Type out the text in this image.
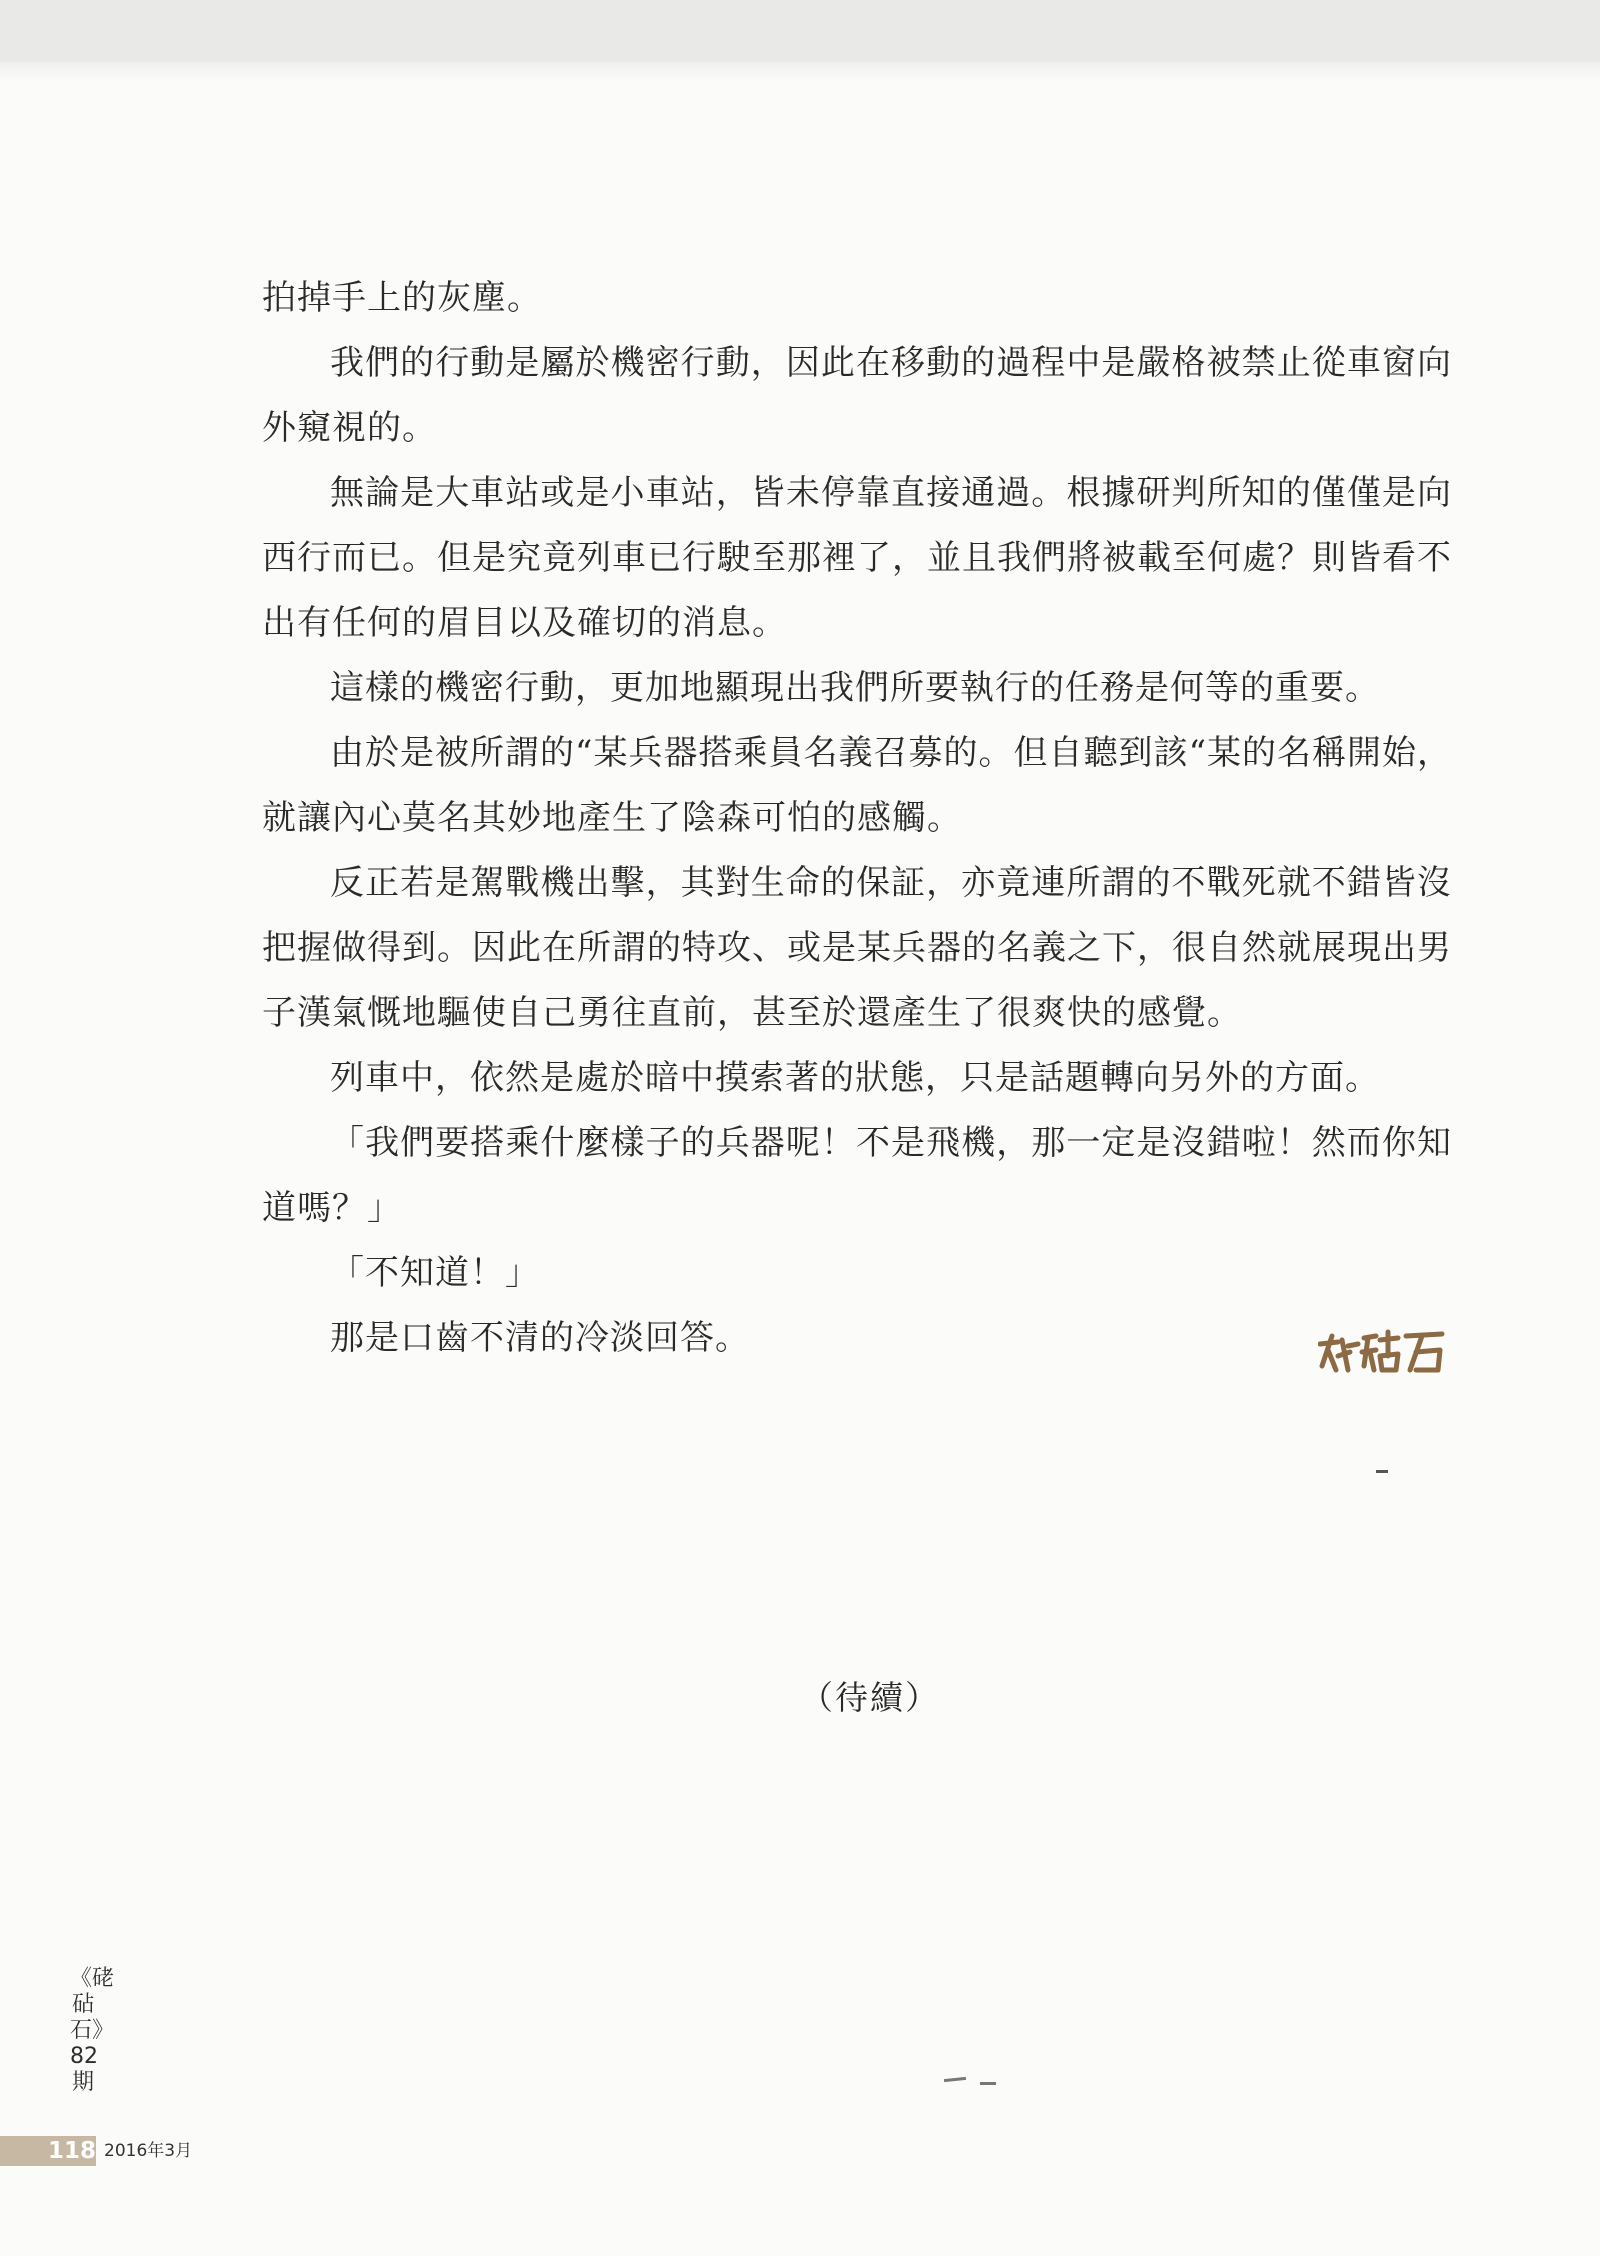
拍掉手上的灰塵。

我們的行動是屬於機密行動，因此在移動的過程中是嚴格被禁止從車窗向外窺視的。

無論是大車站或是小車站，皆未停靠直接通過。根據研判所知的僅僅是向西行而已。但是究竟列車已行駛至那裡了，並且我們將被載至何處？則皆看不出有任何的眉目以及確切的消息。

這樣的機密行動，更加地顯現出我們所要執行的任務是何等的重要。

由於是被所謂的“某兵器搭乘員名義召募的。但自聽到該“某的名稱開始，就讓內心莫名其妙地產生了陰森可怕的感觸。

反正若是駕戰機出擊，其對生命的保証，亦竟連所謂的不戰死就不錯皆沒把握做得到。因此在所謂的特攻、或是某兵器的名義之下，很自然就展現出男子漢氣慨地驅使自己勇往直前，甚至於還產生了很爽快的感覺。

列車中，依然是處於暗中摸索著的狀態，只是話題轉向另外的方面。

「我們要搭乘什麼樣子的兵器呢！不是飛機，那一定是沒錯啦！然而你知道嗎？」

「不知道！」

那是口齒不清的冷淡回答。

（待續）
《硓砧石》82期
118 2016年3月
